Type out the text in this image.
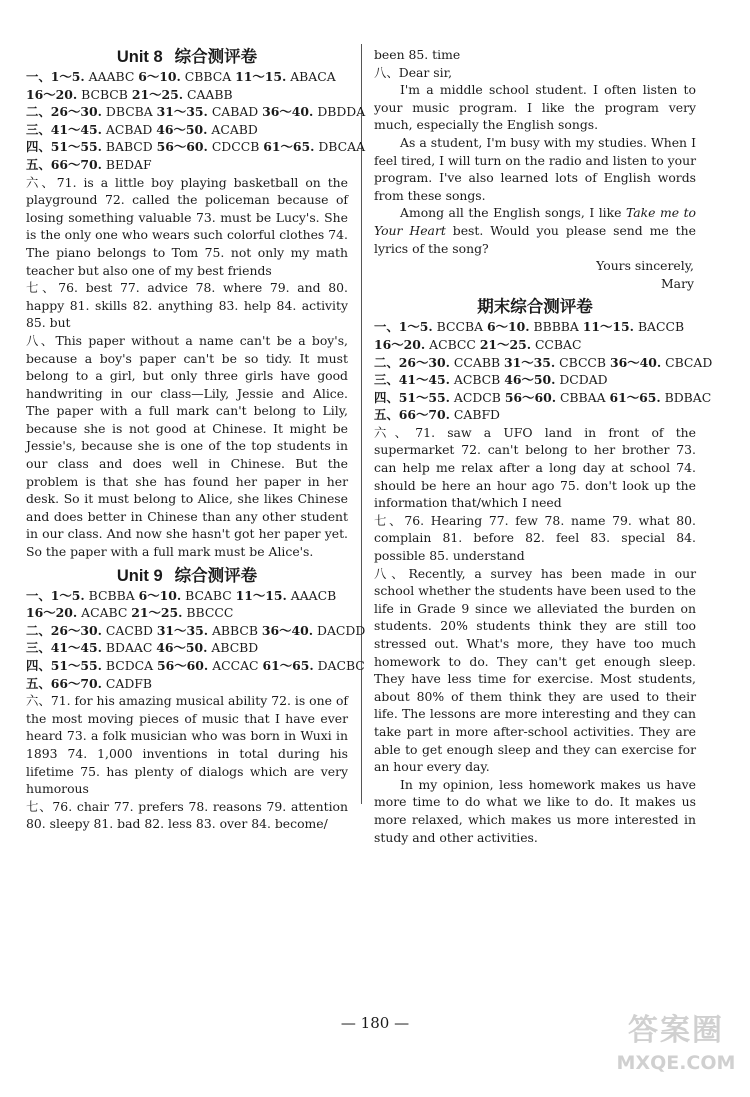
Unit 8 综合测评卷

一、1～5. AAABC 6～10. CBBCA 11～15. ABACA

16～20. BCBCB 21～25. CAABB

二、26～30. DBCBA 31～35. CABAD 36～40. DBDDA

三、41～45. ACBAD 46～50. ACABD

四、51～55. BABCD 56～60. CDCCB 61～65. DBCAA

五、66～70. BEDAF

六、71. is a little boy playing basketball on the playground 72. called the policeman because of losing something valuable 73. must be Lucy's. She is the only one who wears such colorful clothes 74. The piano belongs to Tom 75. not only my math teacher but also one of my best friends

七、76. best 77. advice 78. where 79. and 80. happy 81. skills 82. anything 83. help 84. activity 85. but

八、This paper without a name can't be a boy's, because a boy's paper can't be so tidy. It must belong to a girl, but only three girls have good handwriting in our class—Lily, Jessie and Alice. The paper with a full mark can't belong to Lily, because she is not good at Chinese. It might be Jessie's, because she is one of the top students in our class and does well in Chinese. But the problem is that she has found her paper in her desk. So it must belong to Alice, she likes Chinese and does better in Chinese than any other student in our class. And now she hasn't got her paper yet. So the paper with a full mark must be Alice's.

Unit 9 综合测评卷

一、1～5. BCBBA 6～10. BCABC 11～15. AAACB

16～20. ACABC 21～25. BBCCC

二、26～30. CACBD 31～35. ABBCB 36～40. DACDD

三、41～45. BDAAC 46～50. ABCBD

四、51～55. BCDCA 56～60. ACCAC 61～65. DACBC

五、66～70. CADFB

六、71. for his amazing musical ability 72. is one of the most moving pieces of music that I have ever heard 73. a folk musician who was born in Wuxi in 1893 74. 1,000 inventions in total during his lifetime 75. has plenty of dialogs which are very humorous

七、76. chair 77. prefers 78. reasons 79. attention 80. sleepy 81. bad 82. less 83. over 84. become/

been 85. time

八、Dear sir,

I'm a middle school student. I often listen to your music program. I like the program very much, especially the English songs.

As a student, I'm busy with my studies. When I feel tired, I will turn on the radio and listen to your program. I've also learned lots of English words from these songs.

Among all the English songs, I like Take me to Your Heart best. Would you please send me the lyrics of the song?

Yours sincerely,

Mary

期末综合测评卷

一、1～5. BCCBA 6～10. BBBBA 11～15. BACCB

16～20. ACBCC 21～25. CCBAC

二、26～30. CCABB 31～35. CBCCB 36～40. CBCAD

三、41～45. ACBCB 46～50. DCDAD

四、51～55. ACDCB 56～60. CBBAA 61～65. BDBAC

五、66～70. CABFD

六、71. saw a UFO land in front of the supermarket 72. can't belong to her brother 73. can help me relax after a long day at school 74. should be here an hour ago 75. don't look up the information that/which I need

七、76. Hearing 77. few 78. name 79. what 80. complain 81. before 82. feel 83. special 84. possible 85. understand

八、Recently, a survey has been made in our school whether the students have been used to the life in Grade 9 since we alleviated the burden on students. 20% students think they are still too stressed out. What's more, they have too much homework to do. They can't get enough sleep. They have less time for exercise. Most students, about 80% of them think they are used to their life. The lessons are more interesting and they can take part in more after-school activities. They are able to get enough sleep and they can exercise for an hour every day.

In my opinion, less homework makes us have more time to do what we like to do. It makes us more relaxed, which makes us more interested in study and other activities.

— 180 —	答案圈
MXQE.COM
